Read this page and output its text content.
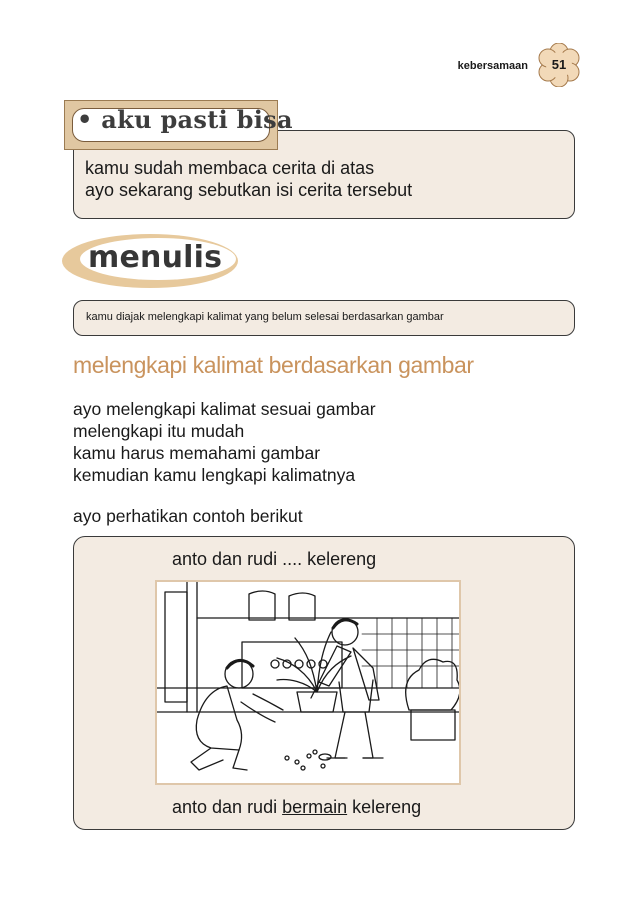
kebersamaan	51
• aku pasti bisa
kamu sudah membaca cerita di atas
ayo sekarang sebutkan isi cerita tersebut
menulis
kamu diajak melengkapi kalimat yang belum selesai berdasarkan gambar
melengkapi kalimat berdasarkan gambar
ayo melengkapi kalimat sesuai gambar
melengkapi itu mudah
kamu harus memahami gambar
kemudian kamu lengkapi kalimatnya
ayo perhatikan contoh berikut
anto dan rudi .... kelereng
anto dan rudi bermain kelereng
